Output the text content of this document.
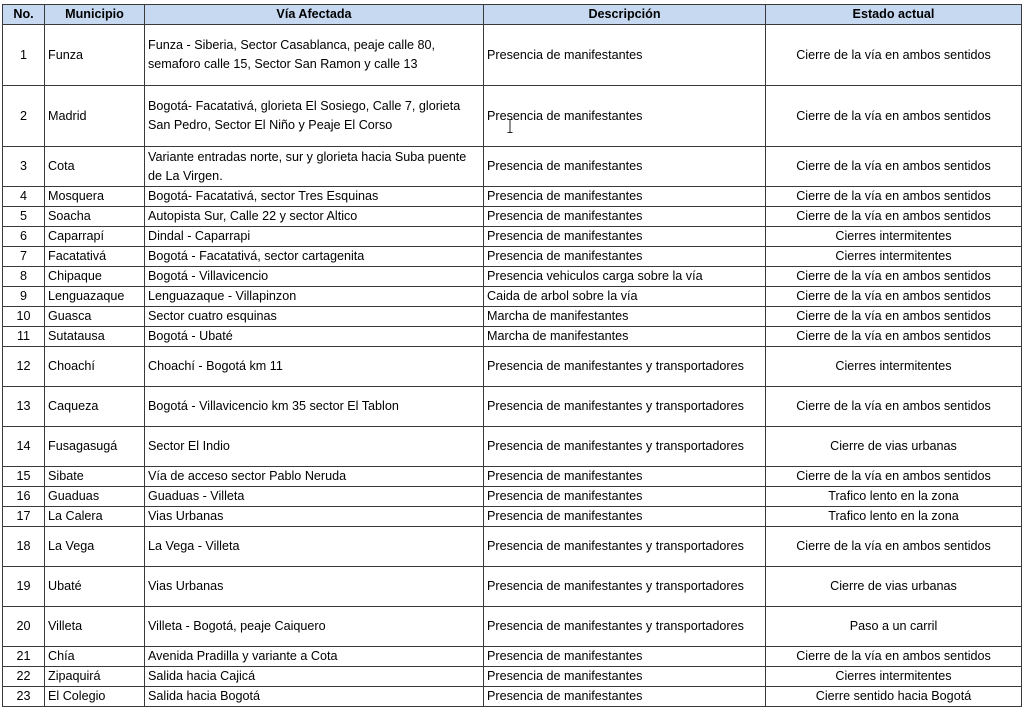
No.	Municipio	Vía Afectada	Descripción	Estado actual
1	Funza	Funza - Siberia, Sector Casablanca, peaje calle 80, semaforo calle 15, Sector San Ramon y calle 13	Presencia de manifestantes	Cierre de la vía en ambos sentidos
2	Madrid	Bogotá- Facatativá, glorieta El Sosiego, Calle 7, glorieta San Pedro, Sector El Niño y Peaje El Corso	Presencia de manifestantes	Cierre de la vía en ambos sentidos
3	Cota	Variante entradas norte, sur y glorieta hacia Suba puente de La Virgen.	Presencia de manifestantes	Cierre de la vía en ambos sentidos
4	Mosquera	Bogotá- Facatativá, sector Tres Esquinas	Presencia de manifestantes	Cierre de la vía en ambos sentidos
5	Soacha	Autopista Sur, Calle 22 y sector Altico	Presencia de manifestantes	Cierre de la vía en ambos sentidos
6	Caparrapí	Dindal - Caparrapi	Presencia de manifestantes	Cierres intermitentes
7	Facatativá	Bogotá - Facatativá, sector cartagenita	Presencia de manifestantes	Cierres intermitentes
8	Chipaque	Bogotá - Villavicencio	Presencia vehiculos carga sobre la vía	Cierre de la vía en ambos sentidos
9	Lenguazaque	Lenguazaque - Villapinzon	Caida de arbol sobre la vía	Cierre de la vía en ambos sentidos
10	Guasca	Sector cuatro esquinas	Marcha de manifestantes	Cierre de la vía en ambos sentidos
11	Sutatausa	Bogotá - Ubaté	Marcha de manifestantes	Cierre de la vía en ambos sentidos
12	Choachí	Choachí - Bogotá km 11	Presencia de manifestantes y transportadores	Cierres intermitentes
13	Caqueza	Bogotá - Villavicencio km 35 sector El Tablon	Presencia de manifestantes y transportadores	Cierre de la vía en ambos sentidos
14	Fusagasugá	Sector El Indio	Presencia de manifestantes y transportadores	Cierre de vias urbanas
15	Sibate	Vía de acceso sector Pablo Neruda	Presencia de manifestantes	Cierre de la vía en ambos sentidos
16	Guaduas	Guaduas - Villeta	Presencia de manifestantes	Trafico lento en la zona
17	La Calera	Vias Urbanas	Presencia de manifestantes	Trafico lento en la zona
18	La Vega	La Vega - Villeta	Presencia de manifestantes y transportadores	Cierre de la vía en ambos sentidos
19	Ubaté	Vias Urbanas	Presencia de manifestantes y transportadores	Cierre de vias urbanas
20	Villeta	Villeta - Bogotá, peaje Caiquero	Presencia de manifestantes y transportadores	Paso a un carril
21	Chía	Avenida Pradilla y variante a Cota	Presencia de manifestantes	Cierre de la vía en ambos sentidos
22	Zipaquirá	Salida hacia Cajicá	Presencia de manifestantes	Cierres intermitentes
23	El Colegio	Salida hacia Bogotá	Presencia de manifestantes	Cierre sentido hacia Bogotá
